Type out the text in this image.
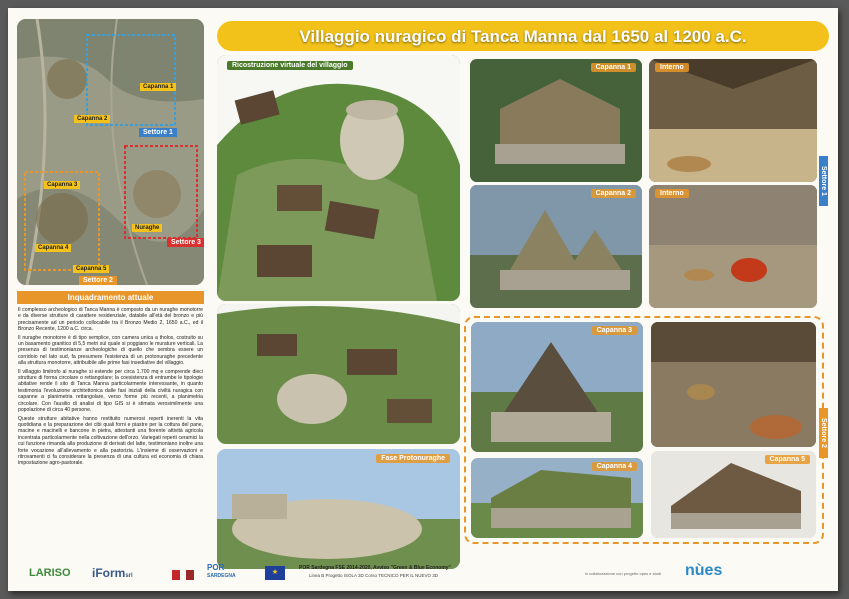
Villaggio nuragico di Tanca Manna dal 1650 al 1200 a.C.
Capanna 1
Capanna 2
Capanna 3
Capanna 4
Capanna 5
Nuraghe
Settore 1
Settore 2
Settore 3
Inquadramento attuale

Il complesso archeologico di Tanca Manna è composto da un nuraghe monotorre e da diverse strutture di carattere residenziale, databile all'età del bronzo e più precisamente ad un periodo collocabile tra il Bronzo Medio 2, 1650 a.C., ed il Bronzo Recente, 1200 a.C. circa.

Il nuraghe monotorre è di tipo semplice, con camera unica a tholos, costruito su un basamento granitico di 5,5 metri sul quale si poggiano le murature verticali. La presenza di testimonianze archeologiche di quello che sembra essere un corridoio nel lato sud, fa presumere l'esistenza di un protonuraghe precedente alla struttura monotorre, attribuibile alle prime fasi insediative del villaggio.

Il villaggio limitrofo al nuraghe si estende per circa 1.700 mq e comprende dieci strutture di forma circolare o rettangolare; la coesistenza di entrambe le tipologie abitative rende il sito di Tanca Manna particolarmente interessante, in quanto testimonia l'evoluzione architettonica dalle fasi iniziali della civiltà nuragica con capanne a planimetria rettangolare, verso forme più recenti, a planimetria circolare. Con l'ausilio di analisi di tipo GIS si è stimata verosimilmente una popolazione di circa 40 persone.

Queste strutture abitative hanno restituito numerosi reperti inerenti la vita quotidiana e la preparazione dei cibi quali forni e piastre per la cottura del pane, macine e macinelli e bancone in pietra, attestanti una fiorente attività agricola incentrata particolarmente nella coltivazione dell'orzo. Variegati reperti ceramici la cui funzione rimanda alla produzione di derivati del latte, testimoniano inoltre una forte vocazione all'allevamento e alla pastorizia. L'insieme di osservazioni e ritrovamenti ci fa considerare la presenza di una cultura ed economia di chiara impostazione agro-pastorale.

Ricostruzione virtuale del villaggio
Fase Protonuraghe
Capanna 1	Interno
Capanna 2	Interno	Settore 1
Settore 2
Capanna 3
Capanna 4
Capanna 5
LARISO iFormsrl

POR
SARDEGNA	★
POR Sardegna FSE 2014-2020, Avviso "Green & Blue Economy"
Linea B Progetto ISOLA 3D Corso TECNICO PER IL NUEVO 3D	in collaborazione con progetto opes e studi nùes
